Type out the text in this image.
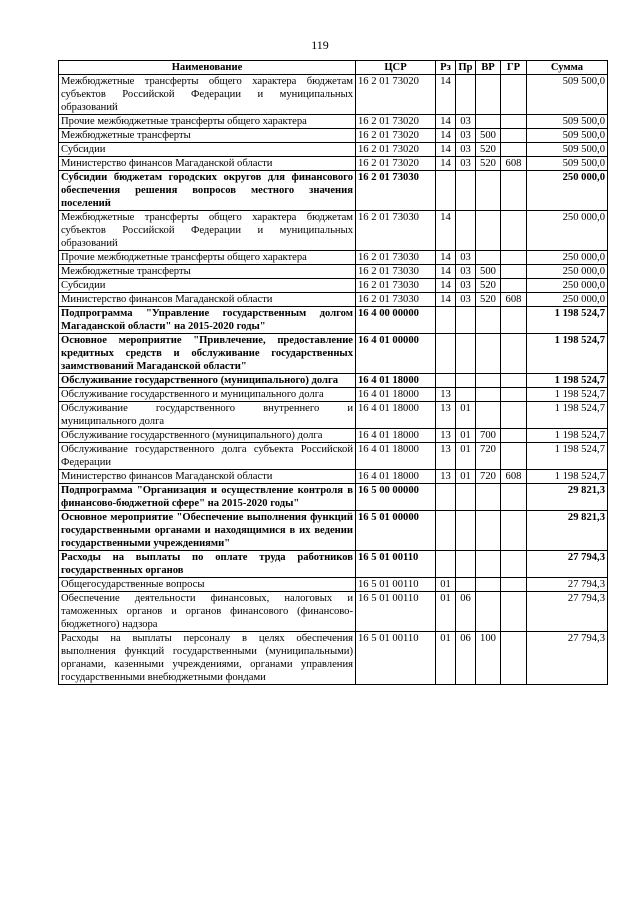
119
Наименование	ЦСР	Рз	Пр	ВР	ГР	Сумма
Межбюджетные трансферты общего характера бюджетам субъектов Российской Федерации и муниципальных образований	16 2 01 73020	14				509 500,0
Прочие межбюджетные трансферты общего характера	16 2 01 73020	14	03			509 500,0
Межбюджетные трансферты	16 2 01 73020	14	03	500		509 500,0
Субсидии	16 2 01 73020	14	03	520		509 500,0
Министерство финансов Магаданской области	16 2 01 73020	14	03	520	608	509 500,0
Субсидии бюджетам городских округов для финансового обеспечения решения вопросов местного значения поселений	16 2 01 73030					250 000,0
Межбюджетные трансферты общего характера бюджетам субъектов Российской Федерации и муниципальных образований	16 2 01 73030	14				250 000,0
Прочие межбюджетные трансферты общего характера	16 2 01 73030	14	03			250 000,0
Межбюджетные трансферты	16 2 01 73030	14	03	500		250 000,0
Субсидии	16 2 01 73030	14	03	520		250 000,0
Министерство финансов Магаданской области	16 2 01 73030	14	03	520	608	250 000,0
Подпрограмма "Управление государственным долгом Магаданской области" на 2015-2020 годы"	16 4 00 00000					1 198 524,7
Основное мероприятие "Привлечение, предоставление кредитных средств и обслуживание государственных заимствований Магаданской области"	16 4 01 00000					1 198 524,7
Обслуживание государственного (муниципального) долга	16 4 01 18000					1 198 524,7
Обслуживание государственного и муниципального долга	16 4 01 18000	13				1 198 524,7
Обслуживание государственного внутреннего и муниципального долга	16 4 01 18000	13	01			1 198 524,7
Обслуживание государственного (муниципального) долга	16 4 01 18000	13	01	700		1 198 524,7
Обслуживание государственного долга субъекта Российской Федерации	16 4 01 18000	13	01	720		1 198 524,7
Министерство финансов Магаданской области	16 4 01 18000	13	01	720	608	1 198 524,7
Подпрограмма "Организация и осуществление контроля в финансово-бюджетной сфере" на 2015-2020 годы"	16 5 00 00000					29 821,3
Основное мероприятие "Обеспечение выполнения функций государственными органами и находящимися в их ведении государственными учреждениями"	16 5 01 00000					29 821,3
Расходы на выплаты по оплате труда работников государственных органов	16 5 01 00110					27 794,3
Общегосударственные вопросы	16 5 01 00110	01				27 794,3
Обеспечение деятельности финансовых, налоговых и таможенных органов и органов финансового (финансово-бюджетного) надзора	16 5 01 00110	01	06			27 794,3
Расходы на выплаты персоналу в целях обеспечения выполнения функций государственными (муниципальными) органами, казенными учреждениями, органами управления государственными внебюджетными фондами	16 5 01 00110	01	06	100		27 794,3
